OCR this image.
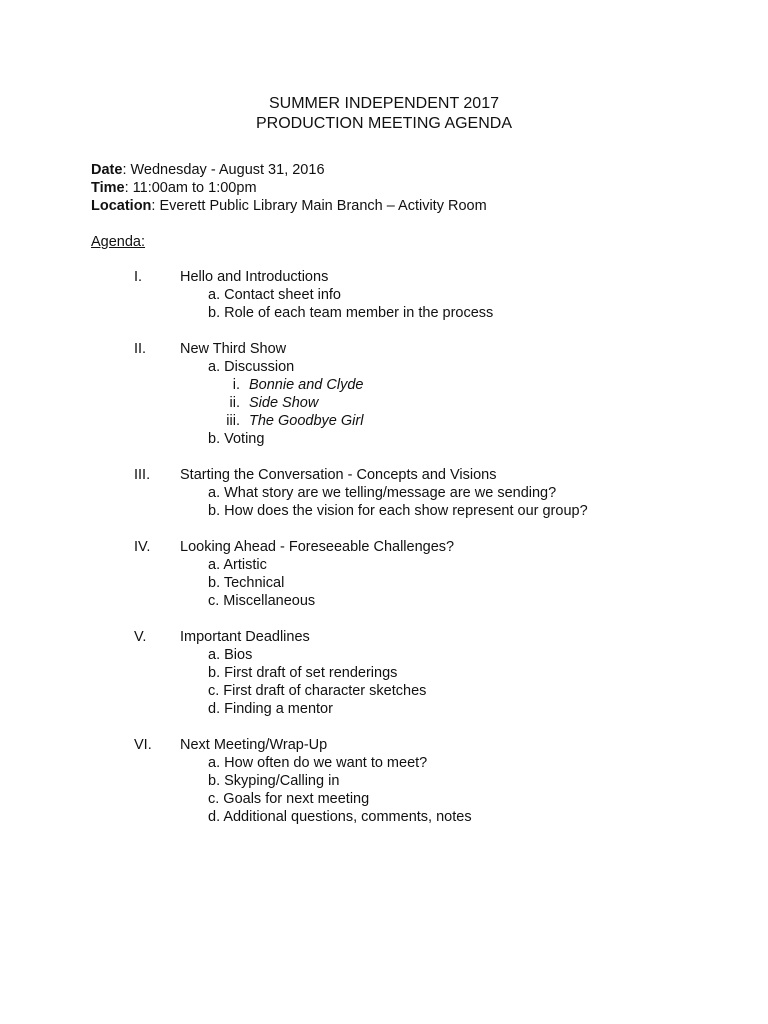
SUMMER INDEPENDENT 2017
PRODUCTION MEETING AGENDA
Date: Wednesday - August 31, 2016
Time: 11:00am to 1:00pm
Location: Everett Public Library Main Branch – Activity Room
Agenda:
I.	Hello and Introductions
a. Contact sheet info
b. Role of each team member in the process
II. New Third Show
a. Discussion
i. Bonnie and Clyde
ii. Side Show
iii. The Goodbye Girl
b. Voting
III. Starting the Conversation - Concepts and Visions
a. What story are we telling/message are we sending?
b. How does the vision for each show represent our group?
IV. Looking Ahead - Foreseeable Challenges?
a. Artistic
b. Technical
c. Miscellaneous
V. Important Deadlines
a. Bios
b. First draft of set renderings
c. First draft of character sketches
d. Finding a mentor
VI. Next Meeting/Wrap-Up
a. How often do we want to meet?
b. Skyping/Calling in
c. Goals for next meeting
d. Additional questions, comments, notes
